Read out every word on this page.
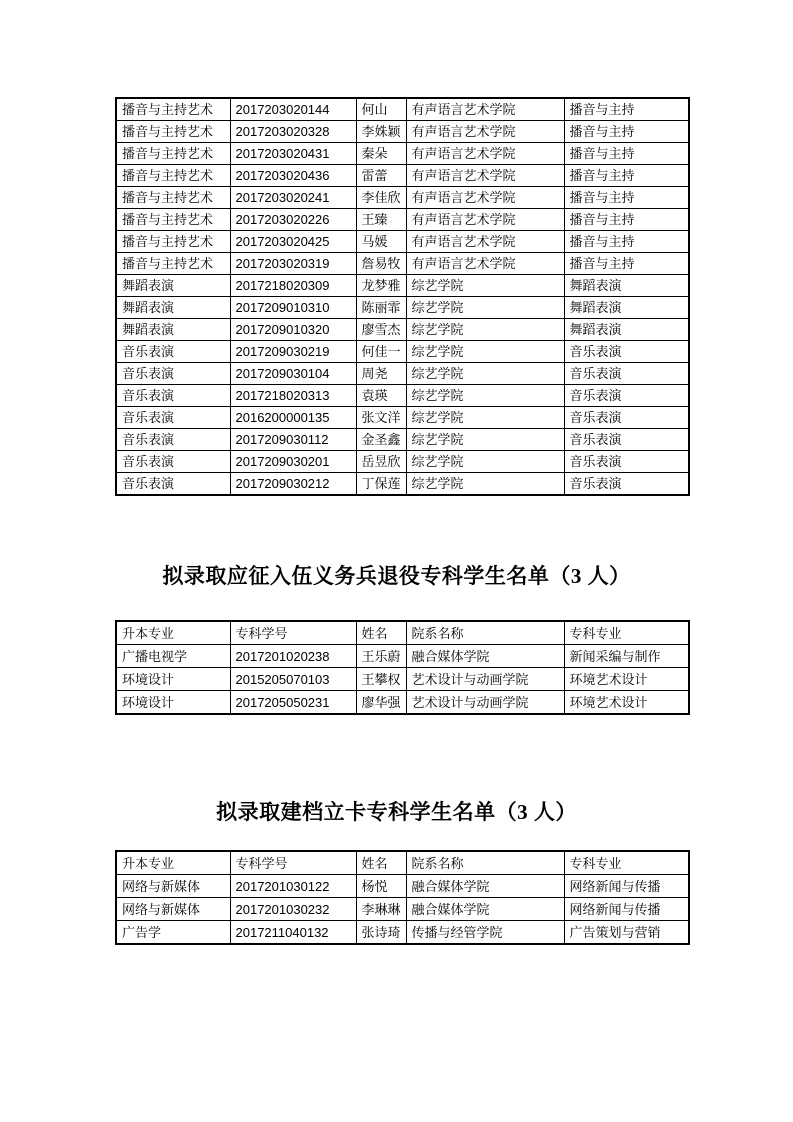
播音与主持艺术	2017203020144	何山	有声语言艺术学院	播音与主持
播音与主持艺术	2017203020328	李姝颖	有声语言艺术学院	播音与主持
播音与主持艺术	2017203020431	秦朵	有声语言艺术学院	播音与主持
播音与主持艺术	2017203020436	雷蕾	有声语言艺术学院	播音与主持
播音与主持艺术	2017203020241	李佳欣	有声语言艺术学院	播音与主持
播音与主持艺术	2017203020226	王臻	有声语言艺术学院	播音与主持
播音与主持艺术	2017203020425	马媛	有声语言艺术学院	播音与主持
播音与主持艺术	2017203020319	詹易牧	有声语言艺术学院	播音与主持
舞蹈表演	2017218020309	龙梦雅	综艺学院	舞蹈表演
舞蹈表演	2017209010310	陈丽霏	综艺学院	舞蹈表演
舞蹈表演	2017209010320	廖雪杰	综艺学院	舞蹈表演
音乐表演	2017209030219	何佳一	综艺学院	音乐表演
音乐表演	2017209030104	周尧	综艺学院	音乐表演
音乐表演	2017218020313	袁瑛	综艺学院	音乐表演
音乐表演	2016200000135	张文洋	综艺学院	音乐表演
音乐表演	2017209030112	金圣鑫	综艺学院	音乐表演
音乐表演	2017209030201	岳昱欣	综艺学院	音乐表演
音乐表演	2017209030212	丁保莲	综艺学院	音乐表演
拟录取应征入伍义务兵退役专科学生名单（3 人）
升本专业	专科学号	姓名	院系名称	专科专业
广播电视学	2017201020238	王乐蔚	融合媒体学院	新闻采编与制作
环境设计	2015205070103	王攀权	艺术设计与动画学院	环境艺术设计
环境设计	2017205050231	廖华强	艺术设计与动画学院	环境艺术设计
拟录取建档立卡专科学生名单（3 人）
升本专业	专科学号	姓名	院系名称	专科专业
网络与新媒体	2017201030122	杨悦	融合媒体学院	网络新闻与传播
网络与新媒体	2017201030232	李琳琳	融合媒体学院	网络新闻与传播
广告学	2017211040132	张诗琦	传播与经管学院	广告策划与营销
